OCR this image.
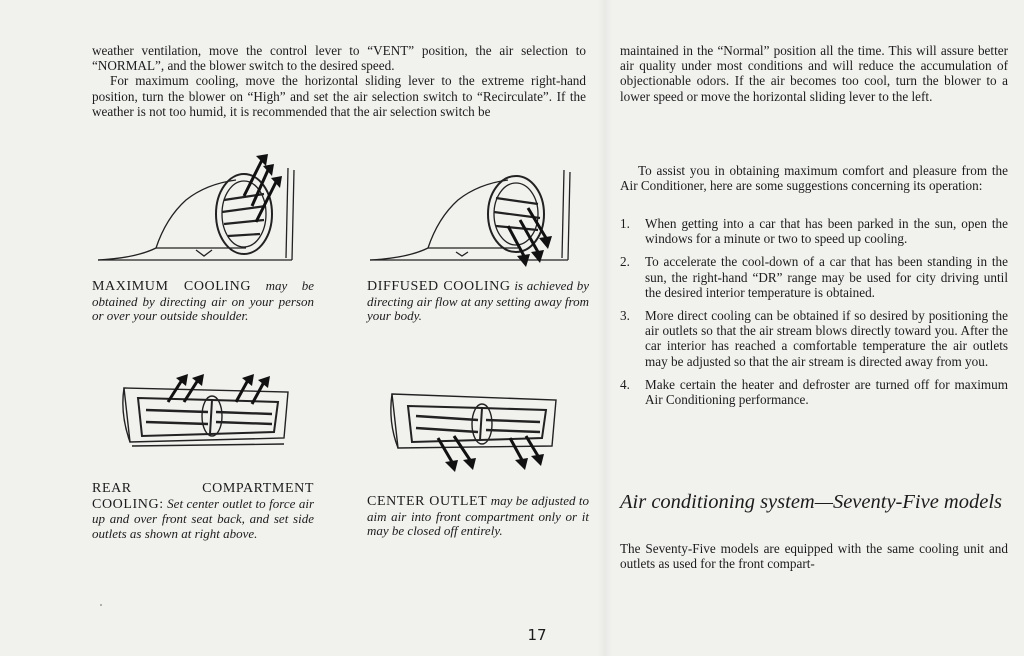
weather ventilation, move the control lever to “VENT” position, the air selection to “NORMAL”, and the blower switch to the desired speed.

For maximum cooling, move the horizontal sliding lever to the extreme right-hand position, turn the blower on “High” and set the air selection switch to “Recirculate”. If the weather is not too humid, it is recommended that the air selection switch be

MAXIMUM COOLING may be obtained by directing air on your person or over your outside shoulder.
DIFFUSED COOLING is achieved by directing air flow at any setting away from your body.
REAR COMPARTMENT COOLING: Set center outlet to force air up and over front seat back, and set side outlets as shown at right above.
CENTER OUTLET may be adjusted to aim air into front compartment only or it may be closed off entirely.

maintained in the “Normal” position all the time. This will assure better air quality under most conditions and will reduce the accumulation of objectionable odors. If the air becomes too cool, turn the blower to a lower speed or move the horizontal sliding lever to the left.

To assist you in obtaining maximum comfort and pleasure from the Air Conditioner, here are some suggestions concerning its operation:

1. When getting into a car that has been parked in the sun, open the windows for a minute or two to speed up cooling.
2. To accelerate the cool-down of a car that has been standing in the sun, the right-hand “DR” range may be used for city driving until the desired interior temperature is obtained.
3. More direct cooling can be obtained if so desired by positioning the air outlets so that the air stream blows directly toward you. After the car interior has reached a comfortable temperature the air outlets may be adjusted so that the air stream is directed away from you.
4. Make certain the heater and defroster are turned off for maximum Air Conditioning performance.
Air conditioning system—Seventy-Five models

The Seventy-Five models are equipped with the same cooling unit and outlets as used for the front compart-

17
